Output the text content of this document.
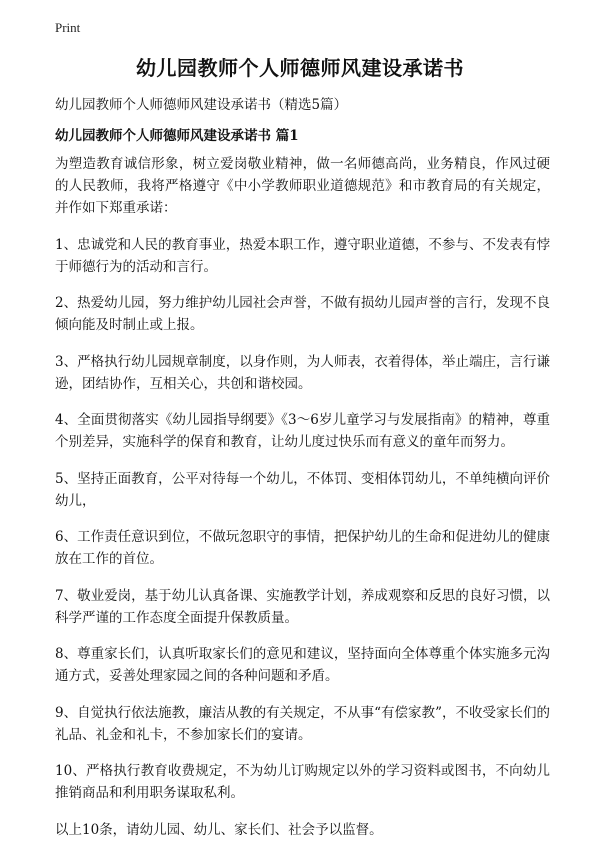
Print
幼儿园教师个人师德师风建设承诺书

幼儿园教师个人师德师风建设承诺书（精选5篇）

幼儿园教师个人师德师风建设承诺书 篇1

为塑造教育诚信形象，树立爱岗敬业精神，做一名师德高尚，业务精良，作风过硬的人民教师，我将严格遵守《中小学教师职业道德规范》和市教育局的有关规定，并作如下郑重承诺：

1、忠诚党和人民的教育事业，热爱本职工作，遵守职业道德，不参与、不发表有悖于师德行为的活动和言行。

2、热爱幼儿园，努力维护幼儿园社会声誉，不做有损幼儿园声誉的言行，发现不良倾向能及时制止或上报。

3、严格执行幼儿园规章制度，以身作则，为人师表，衣着得体，举止端庄，言行谦逊，团结协作，互相关心，共创和谐校园。

4、全面贯彻落实《幼儿园指导纲要》《3～6岁儿童学习与发展指南》的精神，尊重个别差异，实施科学的保育和教育，让幼儿度过快乐而有意义的童年而努力。

5、坚持正面教育，公平对待每一个幼儿，不体罚、变相体罚幼儿，不单纯横向评价幼儿，

6、工作责任意识到位，不做玩忽职守的事情，把保护幼儿的生命和促进幼儿的健康放在工作的首位。

7、敬业爱岗，基于幼儿认真备课、实施教学计划，养成观察和反思的良好习惯，以科学严谨的工作态度全面提升保教质量。

8、尊重家长们，认真听取家长们的意见和建议，坚持面向全体尊重个体实施多元沟通方式，妥善处理家园之间的各种问题和矛盾。

9、自觉执行依法施教，廉洁从教的有关规定，不从事“有偿家教”，不收受家长们的礼品、礼金和礼卡，不参加家长们的宴请。

10、严格执行教育收费规定，不为幼儿订购规定以外的学习资料或图书，不向幼儿推销商品和利用职务谋取私利。

以上10条，请幼儿园、幼儿、家长们、社会予以监督。
